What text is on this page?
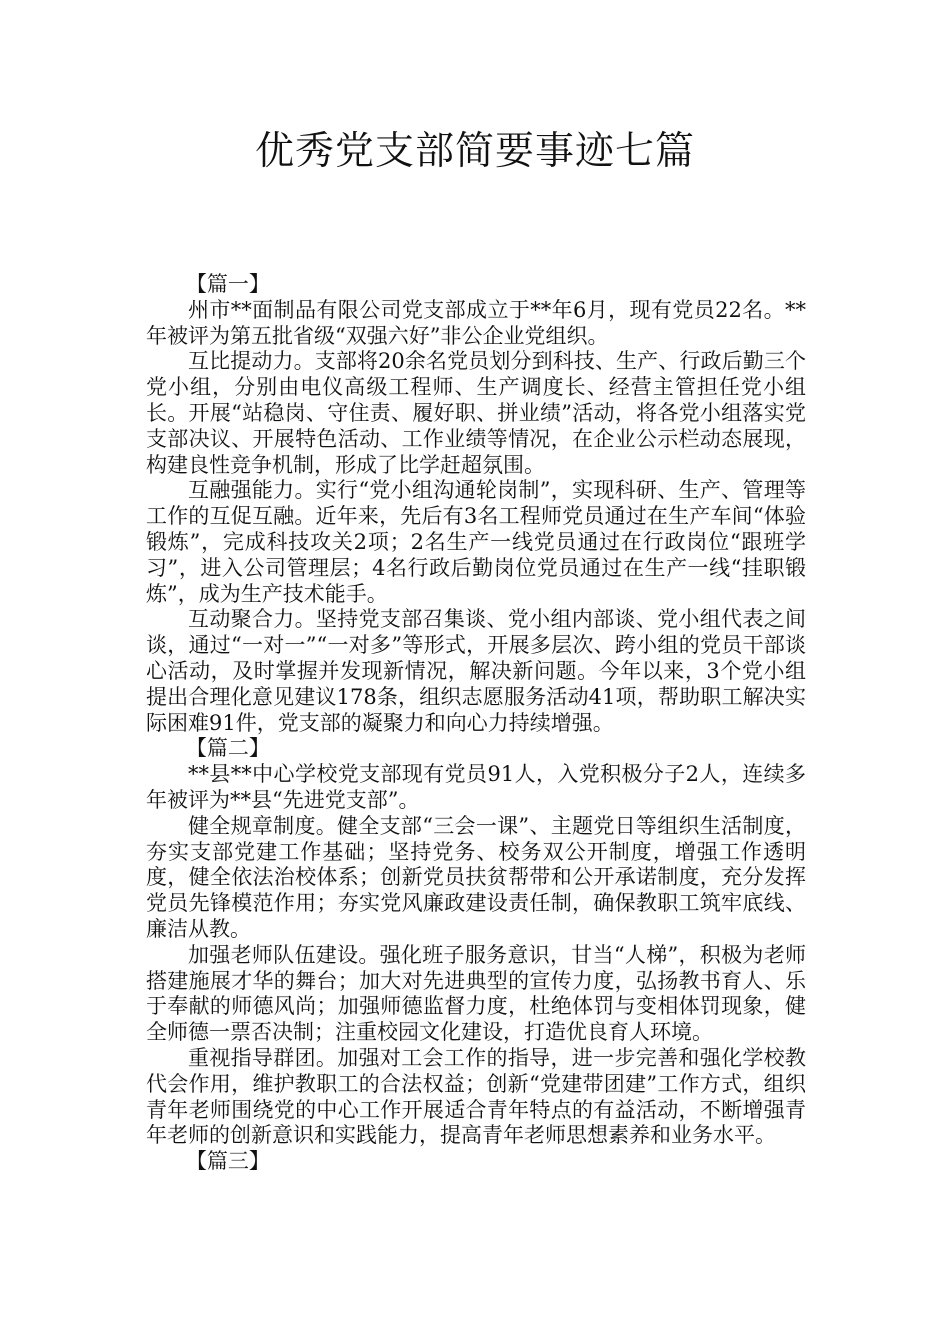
优秀党支部简要事迹七篇

【篇一】

州市**面制品有限公司党支部成立于**年6月，现有党员22名。**年被评为第五批省级“双强六好”非公企业党组织。

互比提动力。支部将20余名党员划分到科技、生产、行政后勤三个党小组，分别由电仪高级工程师、生产调度长、经营主管担任党小组长。开展“站稳岗、守住责、履好职、拼业绩”活动，将各党小组落实党支部决议、开展特色活动、工作业绩等情况，在企业公示栏动态展现，构建良性竞争机制，形成了比学赶超氛围。

互融强能力。实行“党小组沟通轮岗制”，实现科研、生产、管理等工作的互促互融。近年来，先后有3名工程师党员通过在生产车间“体验锻炼”，完成科技攻关2项；2名生产一线党员通过在行政岗位“跟班学习”，进入公司管理层；4名行政后勤岗位党员通过在生产一线“挂职锻炼”，成为生产技术能手。

互动聚合力。坚持党支部召集谈、党小组内部谈、党小组代表之间谈，通过“一对一”“一对多”等形式，开展多层次、跨小组的党员干部谈心活动，及时掌握并发现新情况，解决新问题。今年以来，3个党小组提出合理化意见建议178条，组织志愿服务活动41项，帮助职工解决实际困难91件，党支部的凝聚力和向心力持续增强。

【篇二】

**县**中心学校党支部现有党员91人，入党积极分子2人，连续多年被评为**县“先进党支部”。

健全规章制度。健全支部“三会一课”、主题党日等组织生活制度，夯实支部党建工作基础；坚持党务、校务双公开制度，增强工作透明度，健全依法治校体系；创新党员扶贫帮带和公开承诺制度，充分发挥党员先锋模范作用；夯实党风廉政建设责任制，确保教职工筑牢底线、廉洁从教。

加强老师队伍建设。强化班子服务意识，甘当“人梯”，积极为老师搭建施展才华的舞台；加大对先进典型的宣传力度，弘扬教书育人、乐于奉献的师德风尚；加强师德监督力度，杜绝体罚与变相体罚现象，健全师德一票否决制；注重校园文化建设，打造优良育人环境。

重视指导群团。加强对工会工作的指导，进一步完善和强化学校教代会作用，维护教职工的合法权益；创新“党建带团建”工作方式，组织青年老师围绕党的中心工作开展适合青年特点的有益活动，不断增强青年老师的创新意识和实践能力，提高青年老师思想素养和业务水平。

【篇三】
